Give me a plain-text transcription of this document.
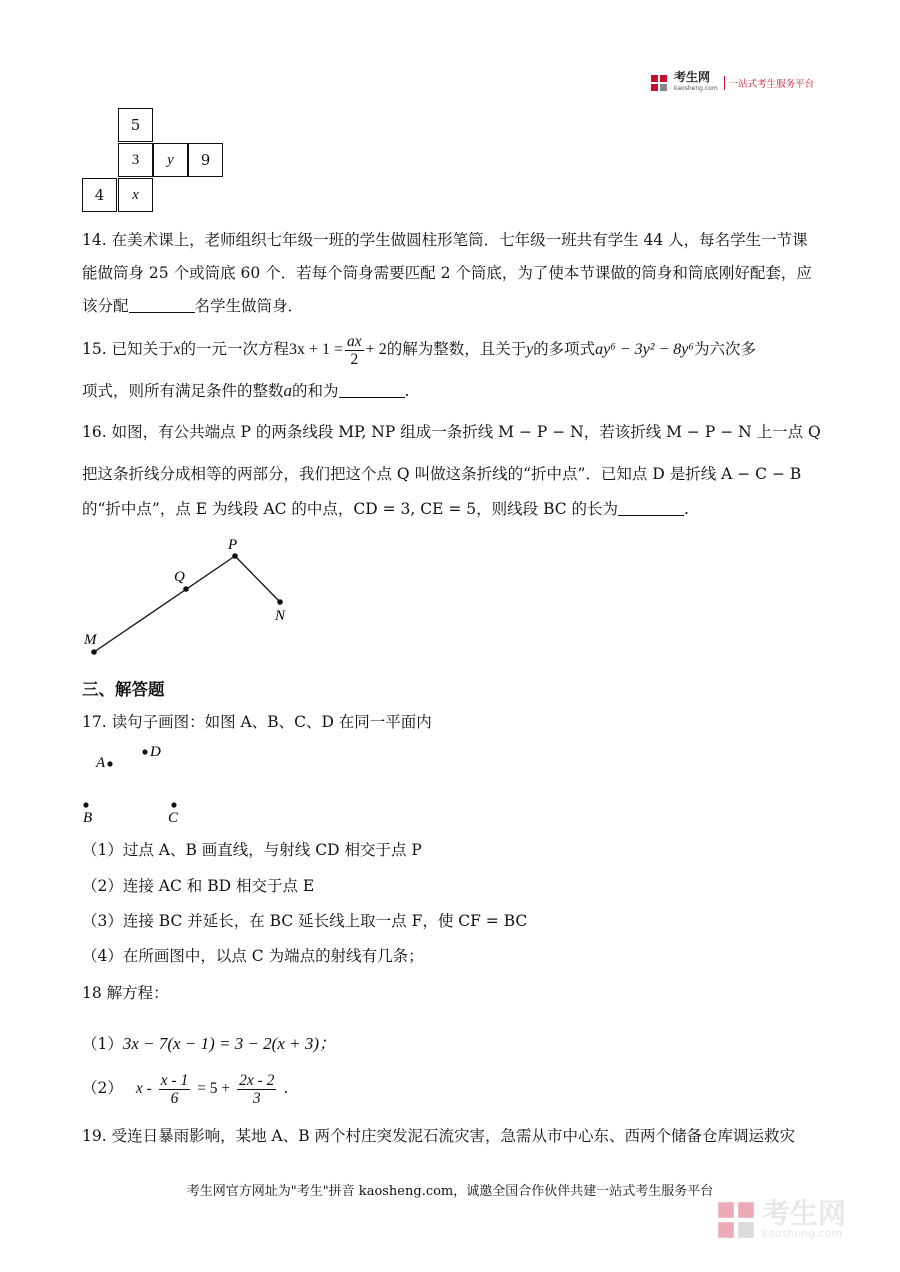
考生网
kaosheng.com	一站式考生服务平台
5
3	y	9
4	x
14. 在美术课上，老师组织七年级一班的学生做圆柱形笔筒．七年级一班共有学生 44 人，每名学生一节课
能做筒身 25 个或筒底 60 个．若每个筒身需要匹配 2 个筒底，为了使本节课做的筒身和筒底刚好配套，应
该分配	名学生做筒身．
15. 已知关于x的一元一次方程$3x + 1 = \frac{ax}{2} + 2$的解为整数，且关于y的多项式ay⁶ − 3y² − 8y⁶为六次多
项式，则所有满足条件的整数a的和为	.
16. 如图，有公共端点 P 的两条线段 MP, NP 组成一条折线 M − P − N，若该折线 M − P − N 上一点 Q
把这条折线分成相等的两部分，我们把这个点 Q 叫做这条折线的“折中点”．已知点 D 是折线 A − C − B
的“折中点”，点 E 为线段 AC 的中点，CD = 3, CE = 5，则线段 BC 的长为	.
P
Q
N
M
三、解答题
17. 读句子画图：如图 A、B、C、D 在同一平面内
A
D
B	C
（1）过点 A、B 画直线，与射线 CD 相交于点 P
（2）连接 AC 和 BD 相交于点 E
（3）连接 BC 并延长，在 BC 延长线上取一点 F，使 CF = BC
（4）在所画图中，以点 C 为端点的射线有几条；
18 解方程：
（1）3x − 7(x − 1) = 3 − 2(x + 3)；
（2） $x - \frac{x - 1}{6} = 5 + \frac{2x - 2}{3}$ .
19. 受连日暴雨影响，某地 A、B 两个村庄突发泥石流灾害，急需从市中心东、西两个储备仓库调运救灾
考生网官方网址为"考生"拼音 kaosheng.com，诚邀全国合作伙伴共建一站式考生服务平台
考生网
kaosheng.com
